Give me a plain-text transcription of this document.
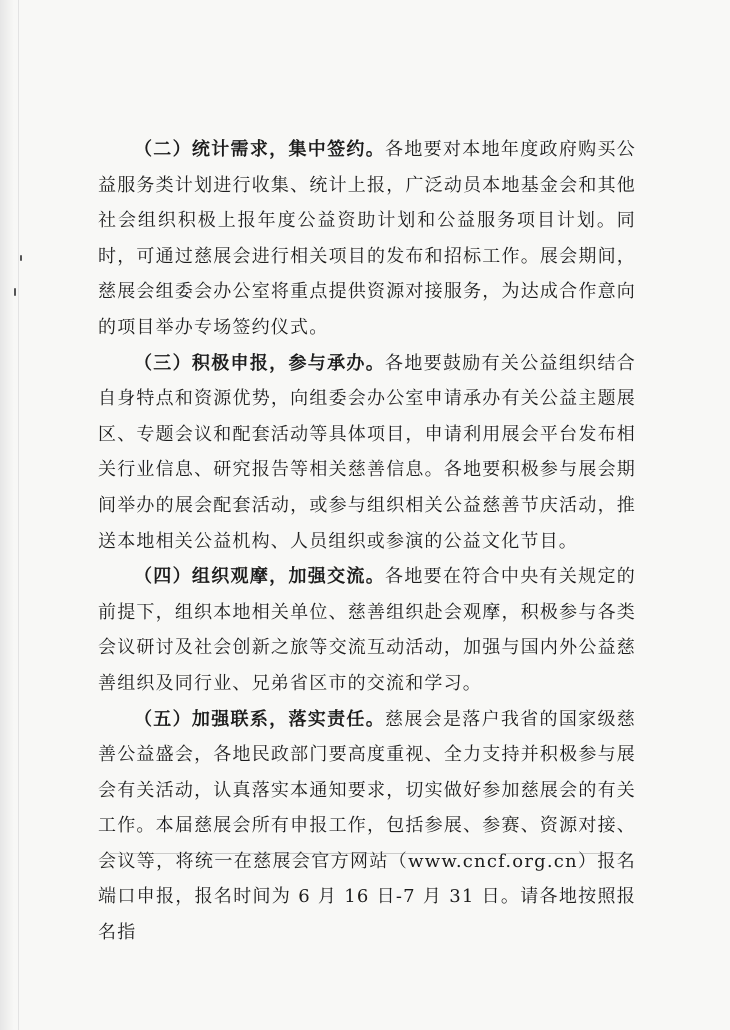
（二）统计需求，集中签约。各地要对本地年度政府购买公益服务类计划进行收集、统计上报，广泛动员本地基金会和其他社会组织积极上报年度公益资助计划和公益服务项目计划。同时，可通过慈展会进行相关项目的发布和招标工作。展会期间，慈展会组委会办公室将重点提供资源对接服务，为达成合作意向的项目举办专场签约仪式。

（三）积极申报，参与承办。各地要鼓励有关公益组织结合自身特点和资源优势，向组委会办公室申请承办有关公益主题展区、专题会议和配套活动等具体项目，申请利用展会平台发布相关行业信息、研究报告等相关慈善信息。各地要积极参与展会期间举办的展会配套活动，或参与组织相关公益慈善节庆活动，推送本地相关公益机构、人员组织或参演的公益文化节目。

（四）组织观摩，加强交流。各地要在符合中央有关规定的前提下，组织本地相关单位、慈善组织赴会观摩，积极参与各类会议研讨及社会创新之旅等交流互动活动，加强与国内外公益慈善组织及同行业、兄弟省区市的交流和学习。

（五）加强联系，落实责任。慈展会是落户我省的国家级慈善公益盛会，各地民政部门要高度重视、全力支持并积极参与展会有关活动，认真落实本通知要求，切实做好参加慈展会的有关工作。本届慈展会所有申报工作，包括参展、参赛、资源对接、会议等，将统一在慈展会官方网站（www.cncf.org.cn）报名端口申报，报名时间为 6 月 16 日-7 月 31 日。请各地按照报名指
